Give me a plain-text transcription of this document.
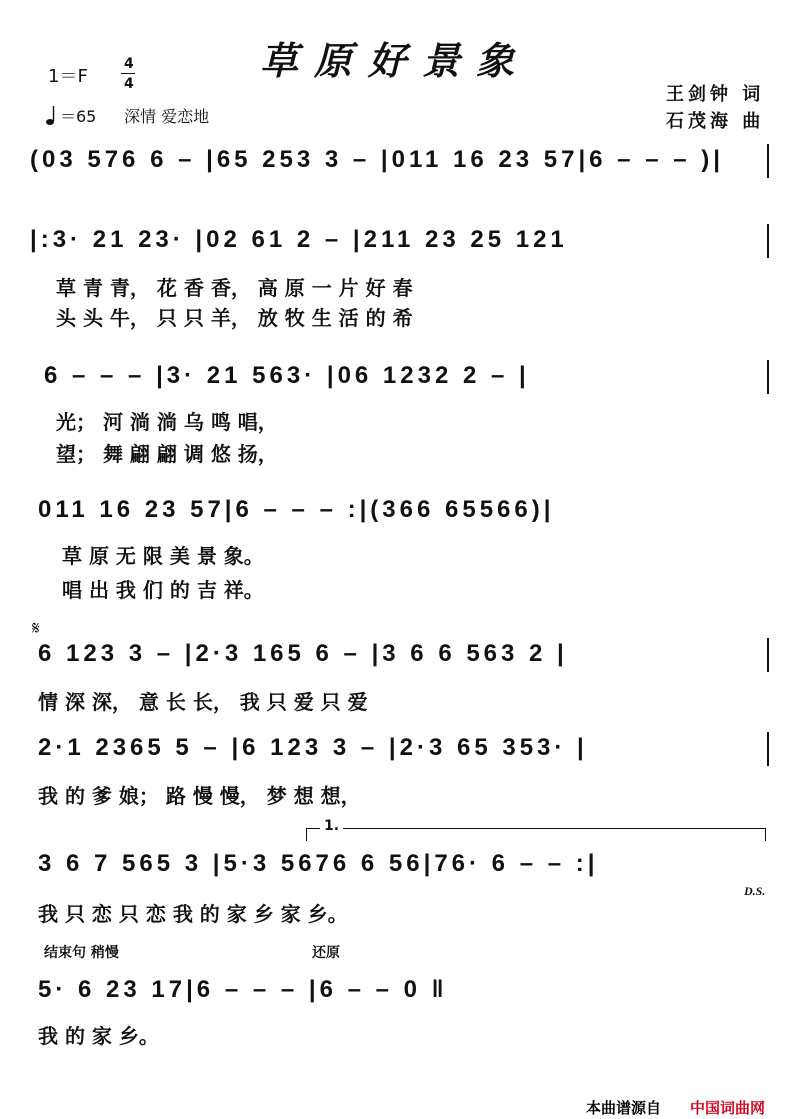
草原好景象
1＝F
4
4
＝65 深情 爱恋地
王剑钟 词
石茂海 曲
(03 576 6 – |65 253 3 – |011 16 23 57|6 – – – )|
|:3· 21 23· |02 61 2 – |211 23 25 121
草 青 青， 花 香 香， 高 原 一 片 好 春
头 头 牛， 只 只 羊， 放 牧 生 活 的 希
6 – – – |3· 21 563· |06 1232 2 – |
光； 河 淌 淌 乌 鸣 唱，
望； 舞 翩 翩 调 悠 扬，
011 16 23 57|6 – – – :|(366 65566)|
草 原 无 限 美 景 象。
唱 出 我 们 的 吉 祥。
𝄋
6 123 3 – |2·3 165 6 – |3 6 6 563 2 |
情 深 深， 意 长 长， 我 只 爱 只 爱
2·1 2365 5 – |6 123 3 – |2·3 65 353· |
我 的 爹 娘； 路 慢 慢， 梦 想 想，
1.
3 6 7 565 3 |5·3 5676 6 56|76· 6 – – :|
D.S.
我 只 恋 只 恋 我 的 家 乡 家 乡。
结束句 稍慢	还原
5· 6 23 17|6 – – – |6 – – 0 ‖
我 的 家 乡。
本曲谱源自 中国词曲网
